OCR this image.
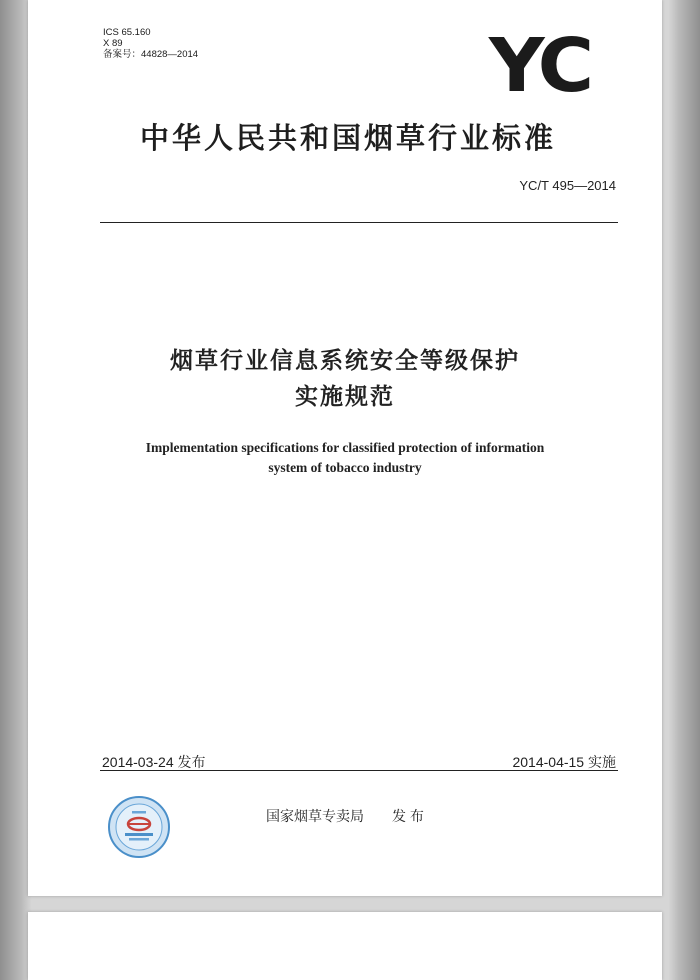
ICS 65.160
X 89
备案号：44828—2014	YC
中华人民共和国烟草行业标准
YC/T 495—2014
烟草行业信息系统安全等级保护
实施规范
Implementation specifications for classified protection of information
system of tobacco industry
2014-03-24 发布	2014-04-15 实施
国家烟草专卖局 发 布
